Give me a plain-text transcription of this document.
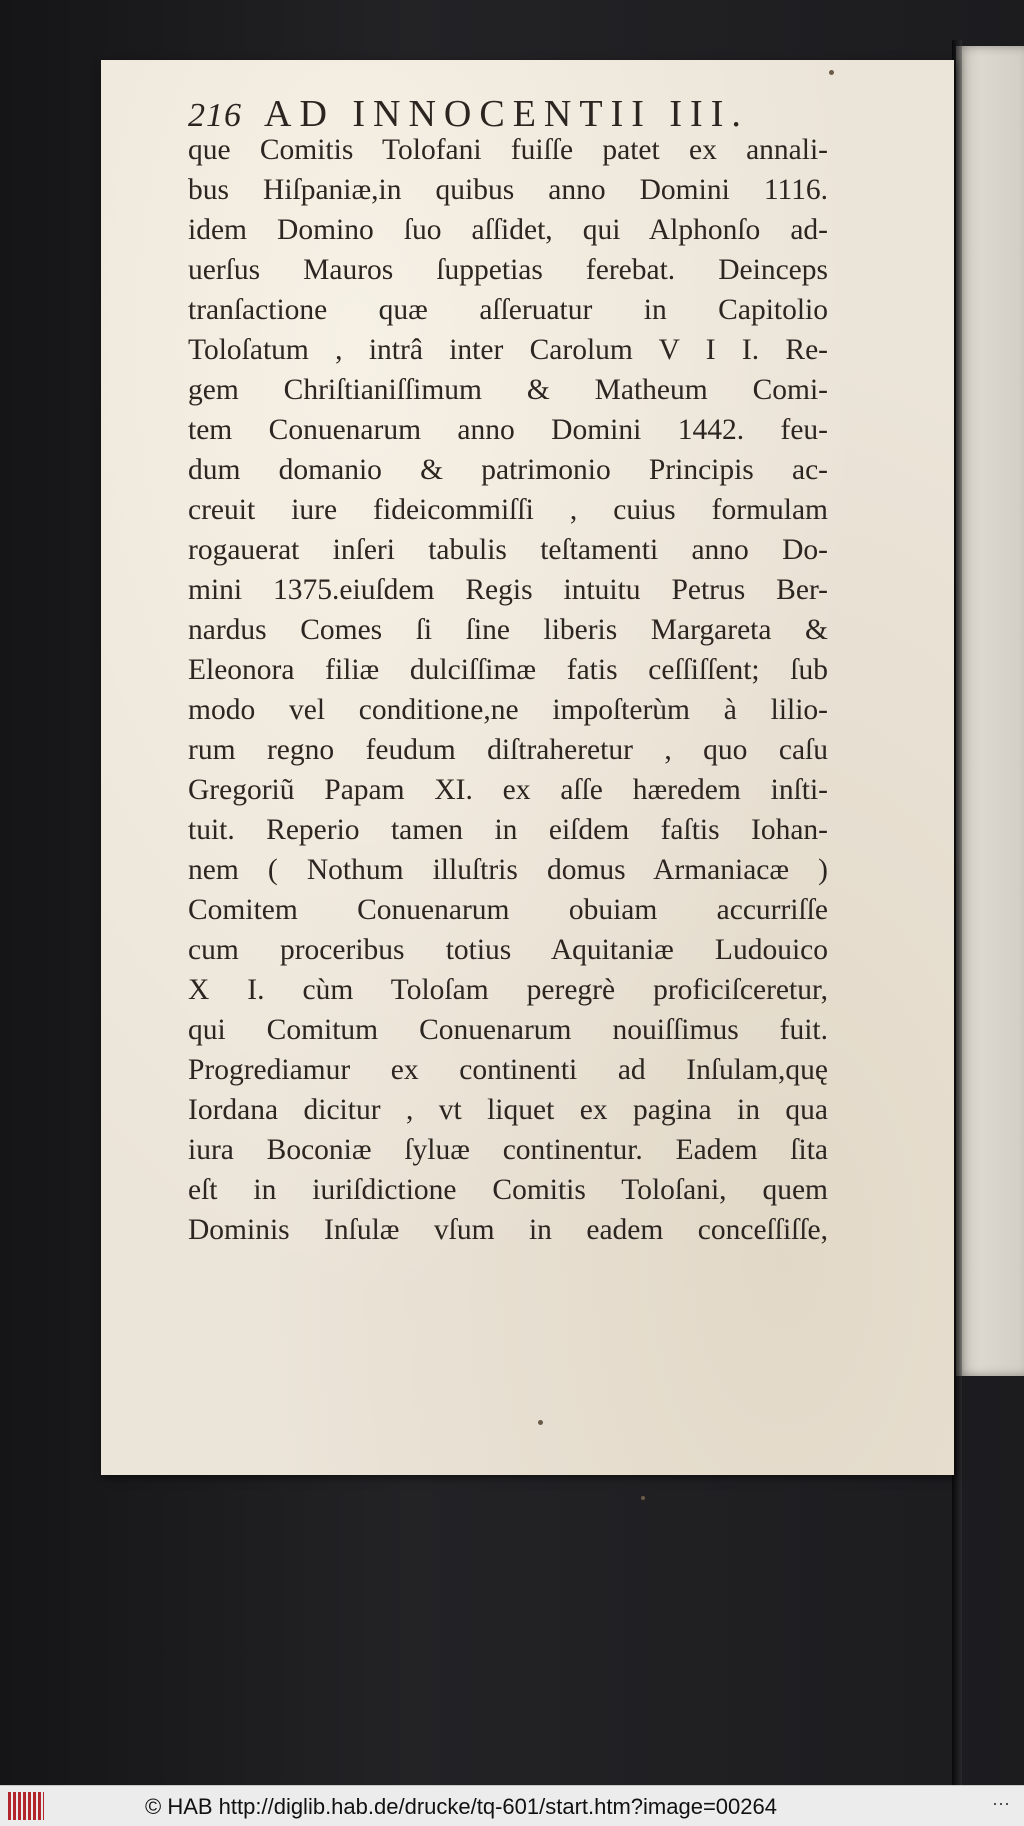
216 AD INNOCENTII III.
que Comitis Tolofani fuiſſe patet ex annali-
bus Hiſpaniæ,in quibus anno Domini 1116.
idem Domino ſuo aſſidet, qui Alphonſo ad-
uerſus Mauros ſuppetias ferebat. Deinceps
tranſactione quæ aſſeruatur in Capitolio
Toloſatum , intrâ inter Carolum V I I. Re-
gem Chriſtianiſſimum & Matheum Comi-
tem Conuenarum anno Domini 1442. feu-
dum domanio & patrimonio Principis ac-
creuit iure fideicommiſſi , cuius formulam
rogauerat inſeri tabulis teſtamenti anno Do-
mini 1375.eiuſdem Regis intuitu Petrus Ber-
nardus Comes ſi ſine liberis Margareta &
Eleonora filiæ dulciſſimæ fatis ceſſiſſent; ſub
modo vel conditione,ne impoſterùm à lilio-
rum regno feudum diſtraheretur , quo caſu
Gregoriũ Papam XI. ex aſſe hæredem inſti-
tuit. Reperio tamen in eiſdem faſtis Iohan-
nem ( Nothum illuſtris domus Armaniacæ )
Comitem Conuenarum obuiam accurriſſe
cum proceribus totius Aquitaniæ Ludouico
X I. cùm Toloſam peregrè proficiſceretur,
qui Comitum Conuenarum nouiſſimus fuit.
Progrediamur ex continenti ad Inſulam,quę
Iordana dicitur , vt liquet ex pagina in qua
iura Boconiæ ſyluæ continentur. Eadem ſita
eſt in iuriſdictione Comitis Toloſani, quem
Dominis Inſulæ vſum in eadem conceſſiſſe,
© HAB http://diglib.hab.de/drucke/tq-601/start.htm?image=00264	⋯
